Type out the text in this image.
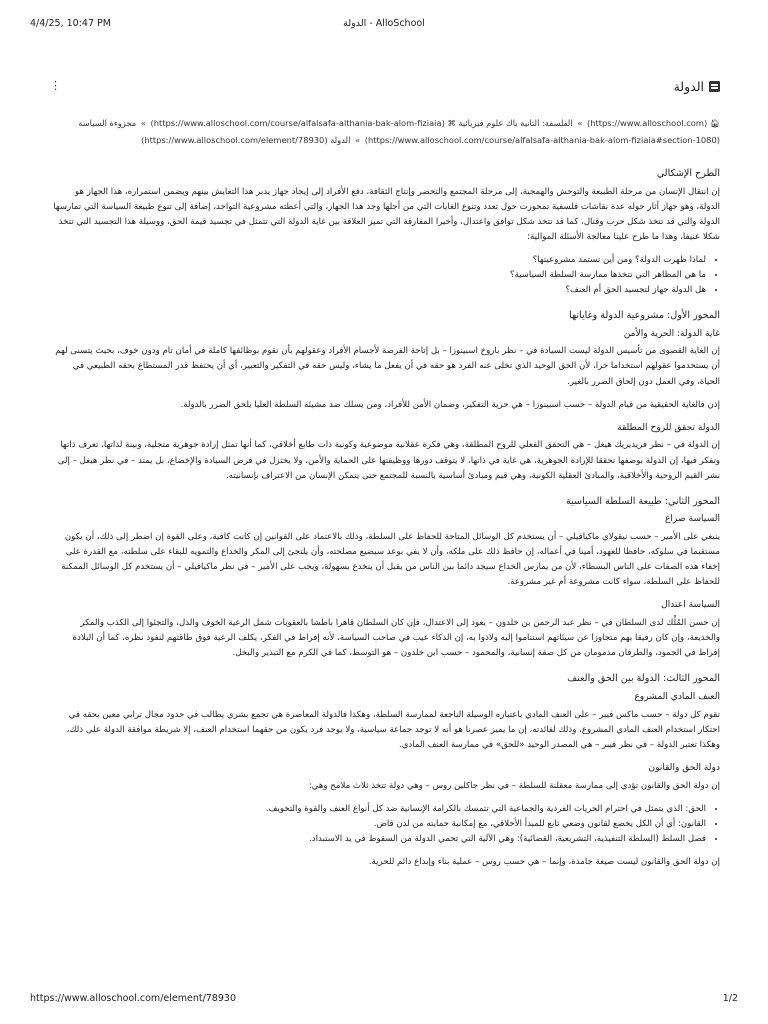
4/4/25, 10:47 PM	الدولة - AlloSchool
الدولة
⋮
🏠︎ (https://www.alloschool.com) » الفلسفة: الثانية باك علوم فيزيائية ⌘ (https://www.alloschool.com/course/alfalsafa-althania-bak-alom-fiziaia) » مجزوءة السياسة (https://www.alloschool.com/course/alfalsafa-althania-bak-alom-fiziaia#section-1080) » الدولة (https://www.alloschool.com/element/78930)
الطرح الإشكالي

إن انتقال الإنسان من مرحلة الطبيعة والتوحش والهمجية، إلى مرحلة المجتمع والتحضر وإنتاج الثقافة، دفع الأفراد إلى إيجاد جهاز يدبر هذا التعايش بينهم ويضمن استمراره، هذا الجهاز هو الدولة، وهو جهاز أثار حوله عدة نقاشات فلسفية تمحورت حول تعدد وتنوع الغايات التي من أجلها وجد هذا الجهاز، والتي أعطته مشروعية التواجد، إضافة إلى تنوع طبيعة السياسة التي تمارسها الدولة والتي قد تتخذ شكل حرب وقتال، كما قد تتخذ شكل توافق واعتدال، وأخيرا المفارقة التي تميز العلاقة بين غاية الدولة التي تتمثل في تجسيد قيمة الحق، ووسيلة هذا التجسيد التي تتخذ شكلا عنيفا، وهذا ما طرح علينا معالجة الأسئلة الموالية:

• لماذا ظهرت الدولة؟ ومن أين تستمد مشروعيتها؟
• ما هي المظاهر التي تتخذها ممارسة السلطة السياسية؟
• هل الدولة جهاز لتجسيد الحق أم العنف؟
المحور الأول: مشروعية الدولة وغاياتها
غاية الدولة: الحرية والأمن

إن الغاية القصوى من تأسيس الدولة ليست السيادة في – نظر باروخ اسبينوزا – بل إتاحة الفرصة لأجسام الأفراد وعقولهم بأن تقوم بوظائفها كاملة في أمان تام ودون خوف، بحيث يتسنى لهم أن يستخدموا عقولهم استخداما حرا، لأن الحق الوحيد الذي تخلى عنه الفرد هو حقه في أن يفعل ما يشاء، وليس حقه في التفكير والتعبير، أي أن يحتفظ قدر المستطاع بحقه الطبيعي في الحياة، وفي العمل دون إلحاق الضرر بالغير.

إذن فالغاية الحقيقية من قيام الدولة – حسب اسبينوزا – هي حرية التفكير، وضمان الأمن للأفراد، ومن يسلك ضد مشيئة السلطة العليا يلحق الضرر بالدولة.

الدولة تحقق للروح المطلقة

إن الدولة في – نظر فريديريك هيغل – هي التحقق الفعلي للروح المطلقة، وهي فكرة عقلانية موضوعية وكونية ذات طابع أخلاقي، كما أنها تمثل إرادة جوهرية متجلية، وبينة لذاتها، تعرف ذاتها وتفكر فيها، إن الدولة بوصفها تحققا للإرادة الجوهرية، هي غاية في ذاتها، لا يتوقف دورها ووظيفتها على الحماية والأمن، ولا يختزل في فرض السيادة والإخضاع، بل يمتد – في نظر هيغل – إلى نشر القيم الروحية والأخلاقية، والمبادئ العقلية الكونية، وهي قيم ومبادئ أساسية بالنسبة للمجتمع حتى يتمكن الإنسان من الاعتراف بإنسانيته.

المحور الثاني: طبيعة السلطة السياسية
السياسة صراع

ينبغي على الأمير – حسب نيقولاي ماكيافيلي – أن يستخدم كل الوسائل المتاحة للحفاظ على السلطة، وذلك بالاعتماد على القوانين إن كانت كافية، وعلى القوة إن اضطر إلى ذلك، أن يكون مستقيما في سلوكه، حافظا للعهود، أمينا في أعماله، إن حافظ ذلك على ملكه، وأن لا يفي بوعد سيضيع مصلحته، وأن يلتجئ إلى المكر والخداع والتمويه للبقاء على سلطته، مع القدرة على إخفاء هذه الصفات على الناس البسطاء، لأن من يمارس الخداع سيجد دائما بين الناس من يقبل أن ينخدع بسهولة، ويجب على الأمير – في نظر ماكيافيلي – أن يستخدم كل الوسائل الممكنة للحفاظ على السلطة، سواء كانت مشروعة أم غير مشروعة.

السياسة اعتدال

إن حسن المُلْك لدى السلطان في – نظر عبد الرحمن بن خلدون – يعود إلى الاعتدال، فإن كان السلطان قاهرا باطشا بالعقوبات شمل الرعية الخوف والذل، والتجئوا إلى الكذب والمكر والخديعة، وإن كان رفيقا بهم متجاوزا عن سيئاتهم استناموا إليه ولاذوا به، إن الذكاء عيب في صاحب السياسة، لأنه إفراط في الفكر، يكلف الرعية فوق طاقتهم لنفوذ نظره، كما أن البلادة إفراط في الجمود، والطرفان مذمومان من كل صفة إنسانية، والمحمود – حسب ابن خلدون – هو التوسط، كما في الكرم مع التبذير والبخل.

المحور الثالث: الدولة بين الحق والعنف
العنف المادي المشروع

تقوم كل دولة – حسب ماكس فيبر – على العنف المادي باعتباره الوسيلة الناجعة لممارسة السلطة، وهكذا فالدولة المعاصرة هي تجمع بشري يطالب في حدود مجال ترابي معين بحقه في احتكار استخدام العنف المادي المشروع، وذلك لفائدته، إن ما يميز عصرنا هو أنه لا توجد جماعة سياسية، ولا يوجد فرد يكون من حقهما استخدام العنف، إلا شريطة موافقة الدولة على ذلك، وهكذا تعتبر الدولة – في نظر فيبر – هي المصدر الوحيد «للحق» في ممارسة العنف المادي.

دولة الحق والقانون

إن دولة الحق والقانون تؤدي إلى ممارسة معقلنة للسلطة – في نظر جاكلين روس – وهي دولة تتخذ ثلاث ملامح وهي:

• الحق: الذي يتمثل في احترام الحريات الفردية والجماعية التي تتمسك بالكرامة الإنسانية ضد كل أنواع العنف والقوة والتخويف.
• القانون: أي أن الكل يخضع لقانون وضعي تابع للمبدأ الأخلاقي، مع إمكانية حمايته من لدن قاض.
• فصل السلط (السلطة التنفيذية، التشريعية، القضائية): وهي الآلية التي تحمي الدولة من السقوط في يد الاستبداد.

إن دولة الحق والقانون ليست صيغة جامدة، وإنما – هي حسب روس – عملية بناء وإبداع دائم للحرية.

https://www.alloschool.com/element/78930	1/2
